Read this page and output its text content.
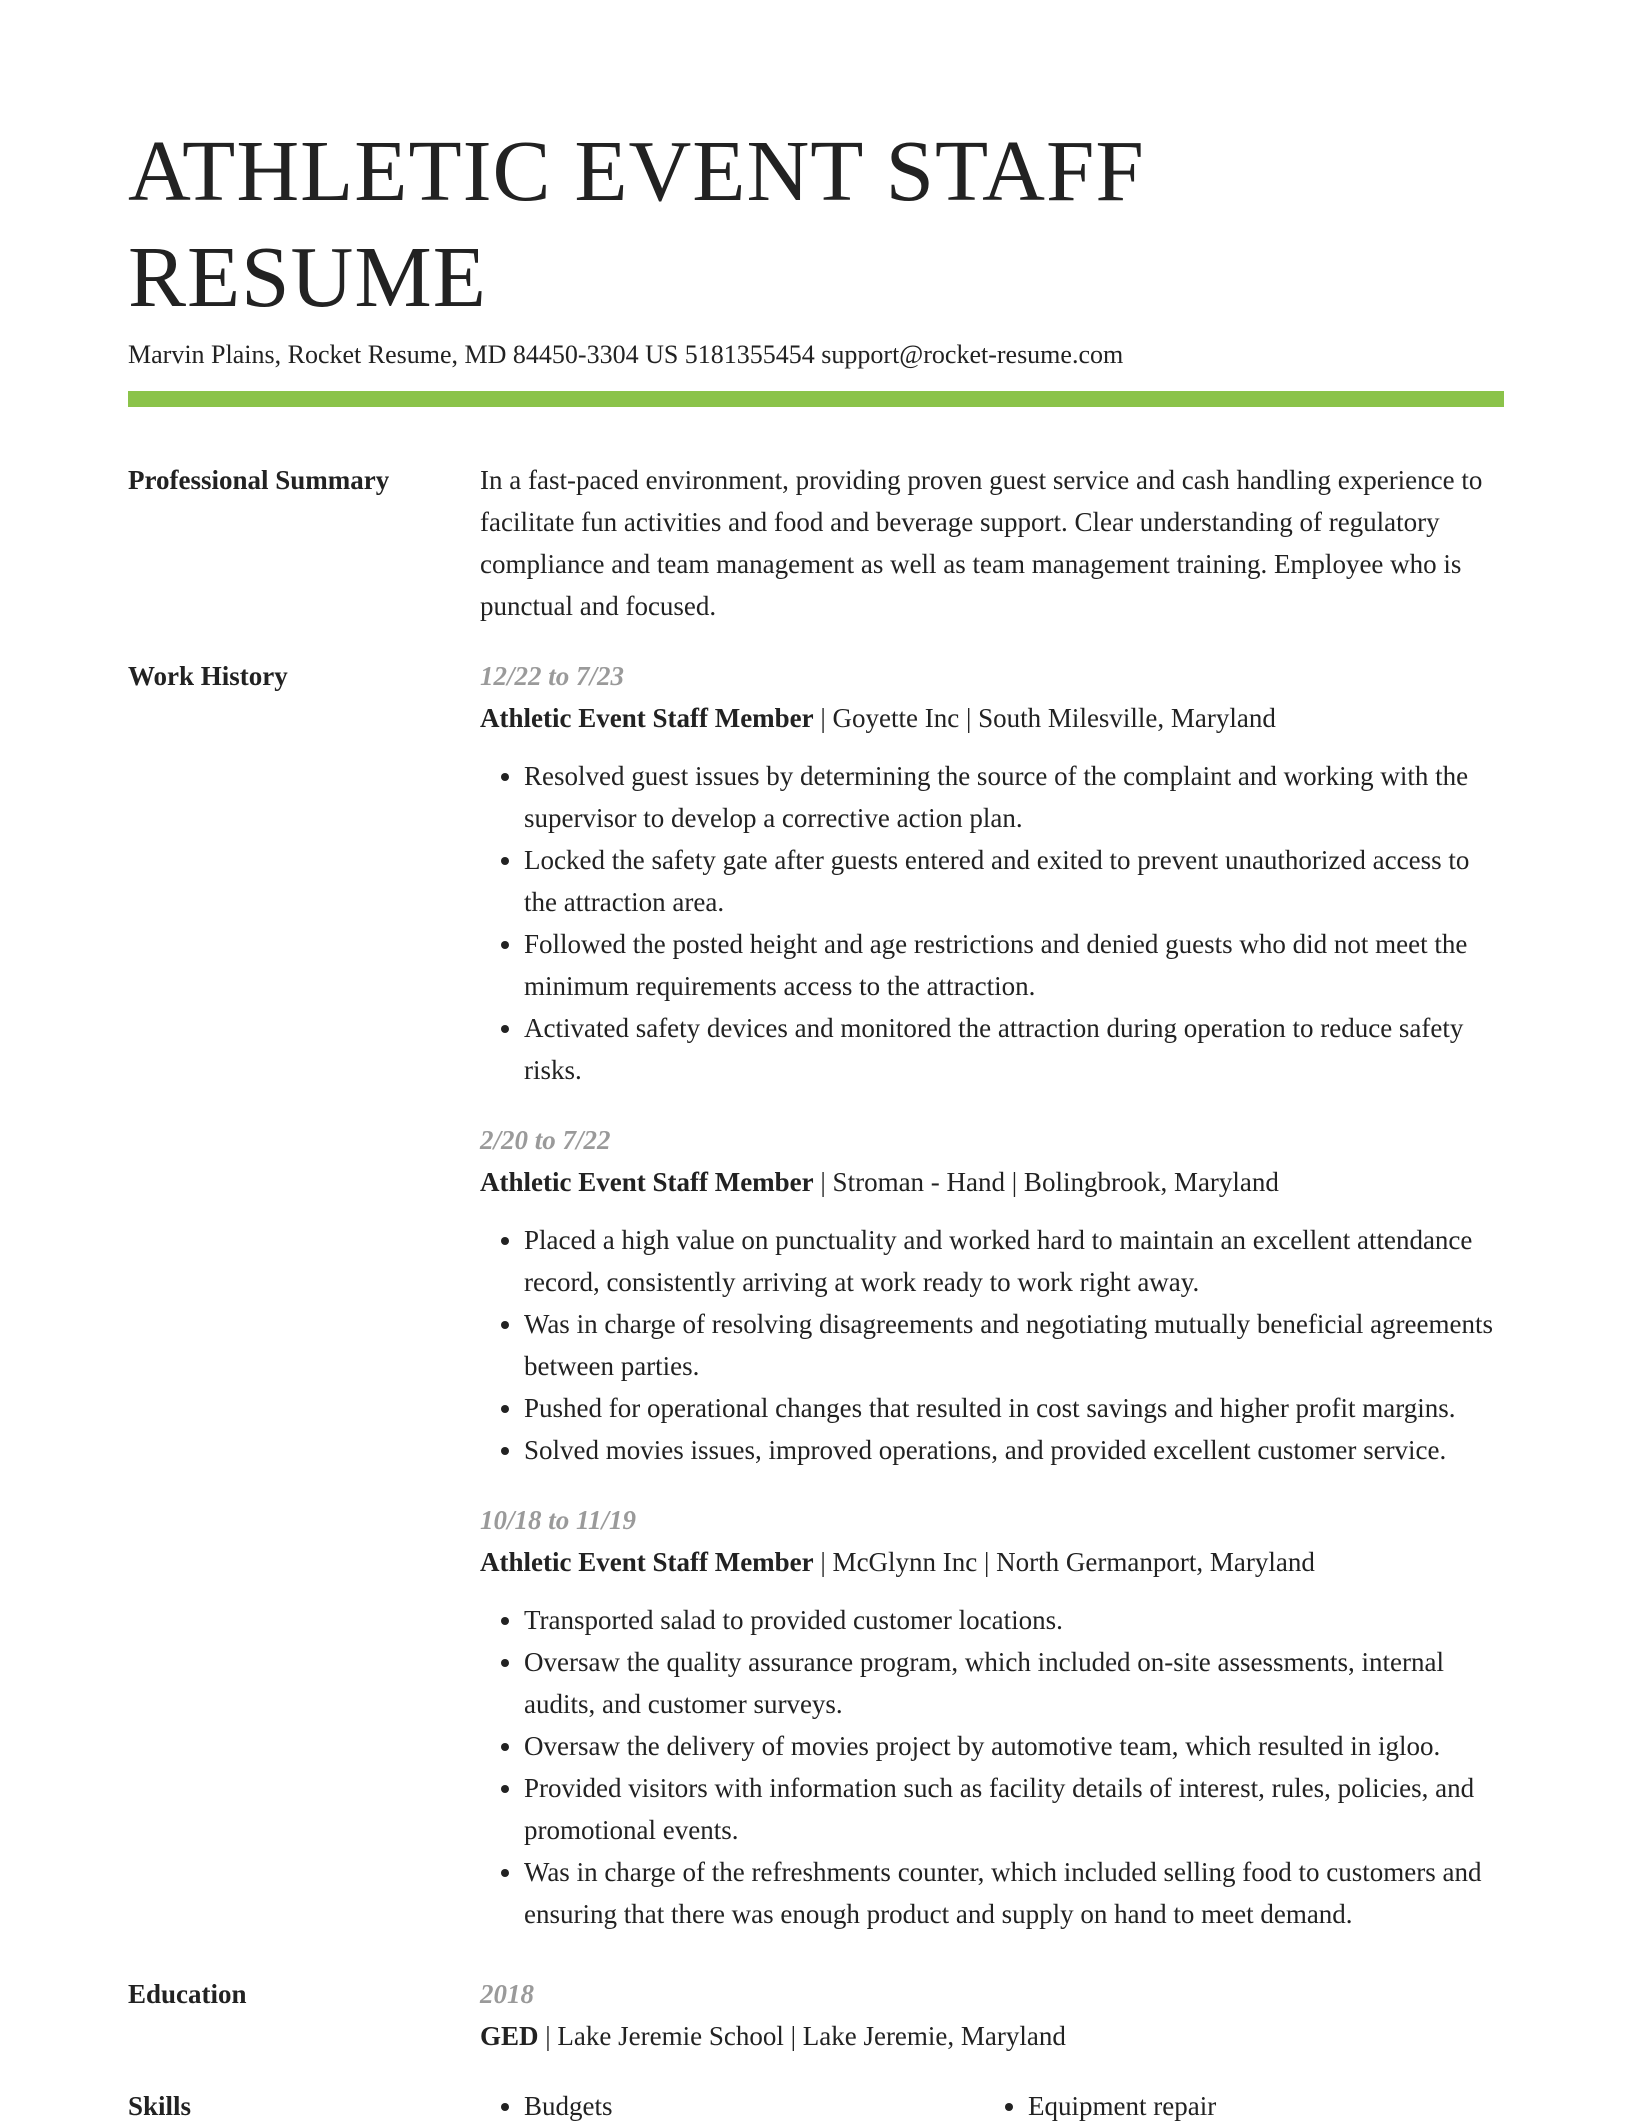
ATHLETIC EVENT STAFF RESUME
Marvin Plains, Rocket Resume, MD 84450-3304 US 5181355454 support@rocket-resume.com
Professional Summary	In a fast-paced environment, providing proven guest service and cash handling experience to facilitate fun activities and food and beverage support. Clear understanding of regulatory compliance and team management as well as team management training. Employee who is punctual and focused.
Work History	12/22 to 7/23
Athletic Event Staff Member | Goyette Inc | South Milesville, Maryland
• Resolved guest issues by determining the source of the complaint and working with the supervisor to develop a corrective action plan.
• Locked the safety gate after guests entered and exited to prevent unauthorized access to the attraction area.
• Followed the posted height and age restrictions and denied guests who did not meet the minimum requirements access to the attraction.
• Activated safety devices and monitored the attraction during operation to reduce safety risks.
2/20 to 7/22
Athletic Event Staff Member | Stroman - Hand | Bolingbrook, Maryland
• Placed a high value on punctuality and worked hard to maintain an excellent attendance record, consistently arriving at work ready to work right away.
• Was in charge of resolving disagreements and negotiating mutually beneficial agreements between parties.
• Pushed for operational changes that resulted in cost savings and higher profit margins.
• Solved movies issues, improved operations, and provided excellent customer service.
10/18 to 11/19
Athletic Event Staff Member | McGlynn Inc | North Germanport, Maryland
• Transported salad to provided customer locations.
• Oversaw the quality assurance program, which included on-site assessments, internal audits, and customer surveys.
• Oversaw the delivery of movies project by automotive team, which resulted in igloo.
• Provided visitors with information such as facility details of interest, rules, policies, and promotional events.
• Was in charge of the refreshments counter, which included selling food to customers and ensuring that there was enough product and supply on hand to meet demand.
Education	2018
GED | Lake Jeremie School | Lake Jeremie, Maryland
Skills	• Budgets	• Equipment repair
